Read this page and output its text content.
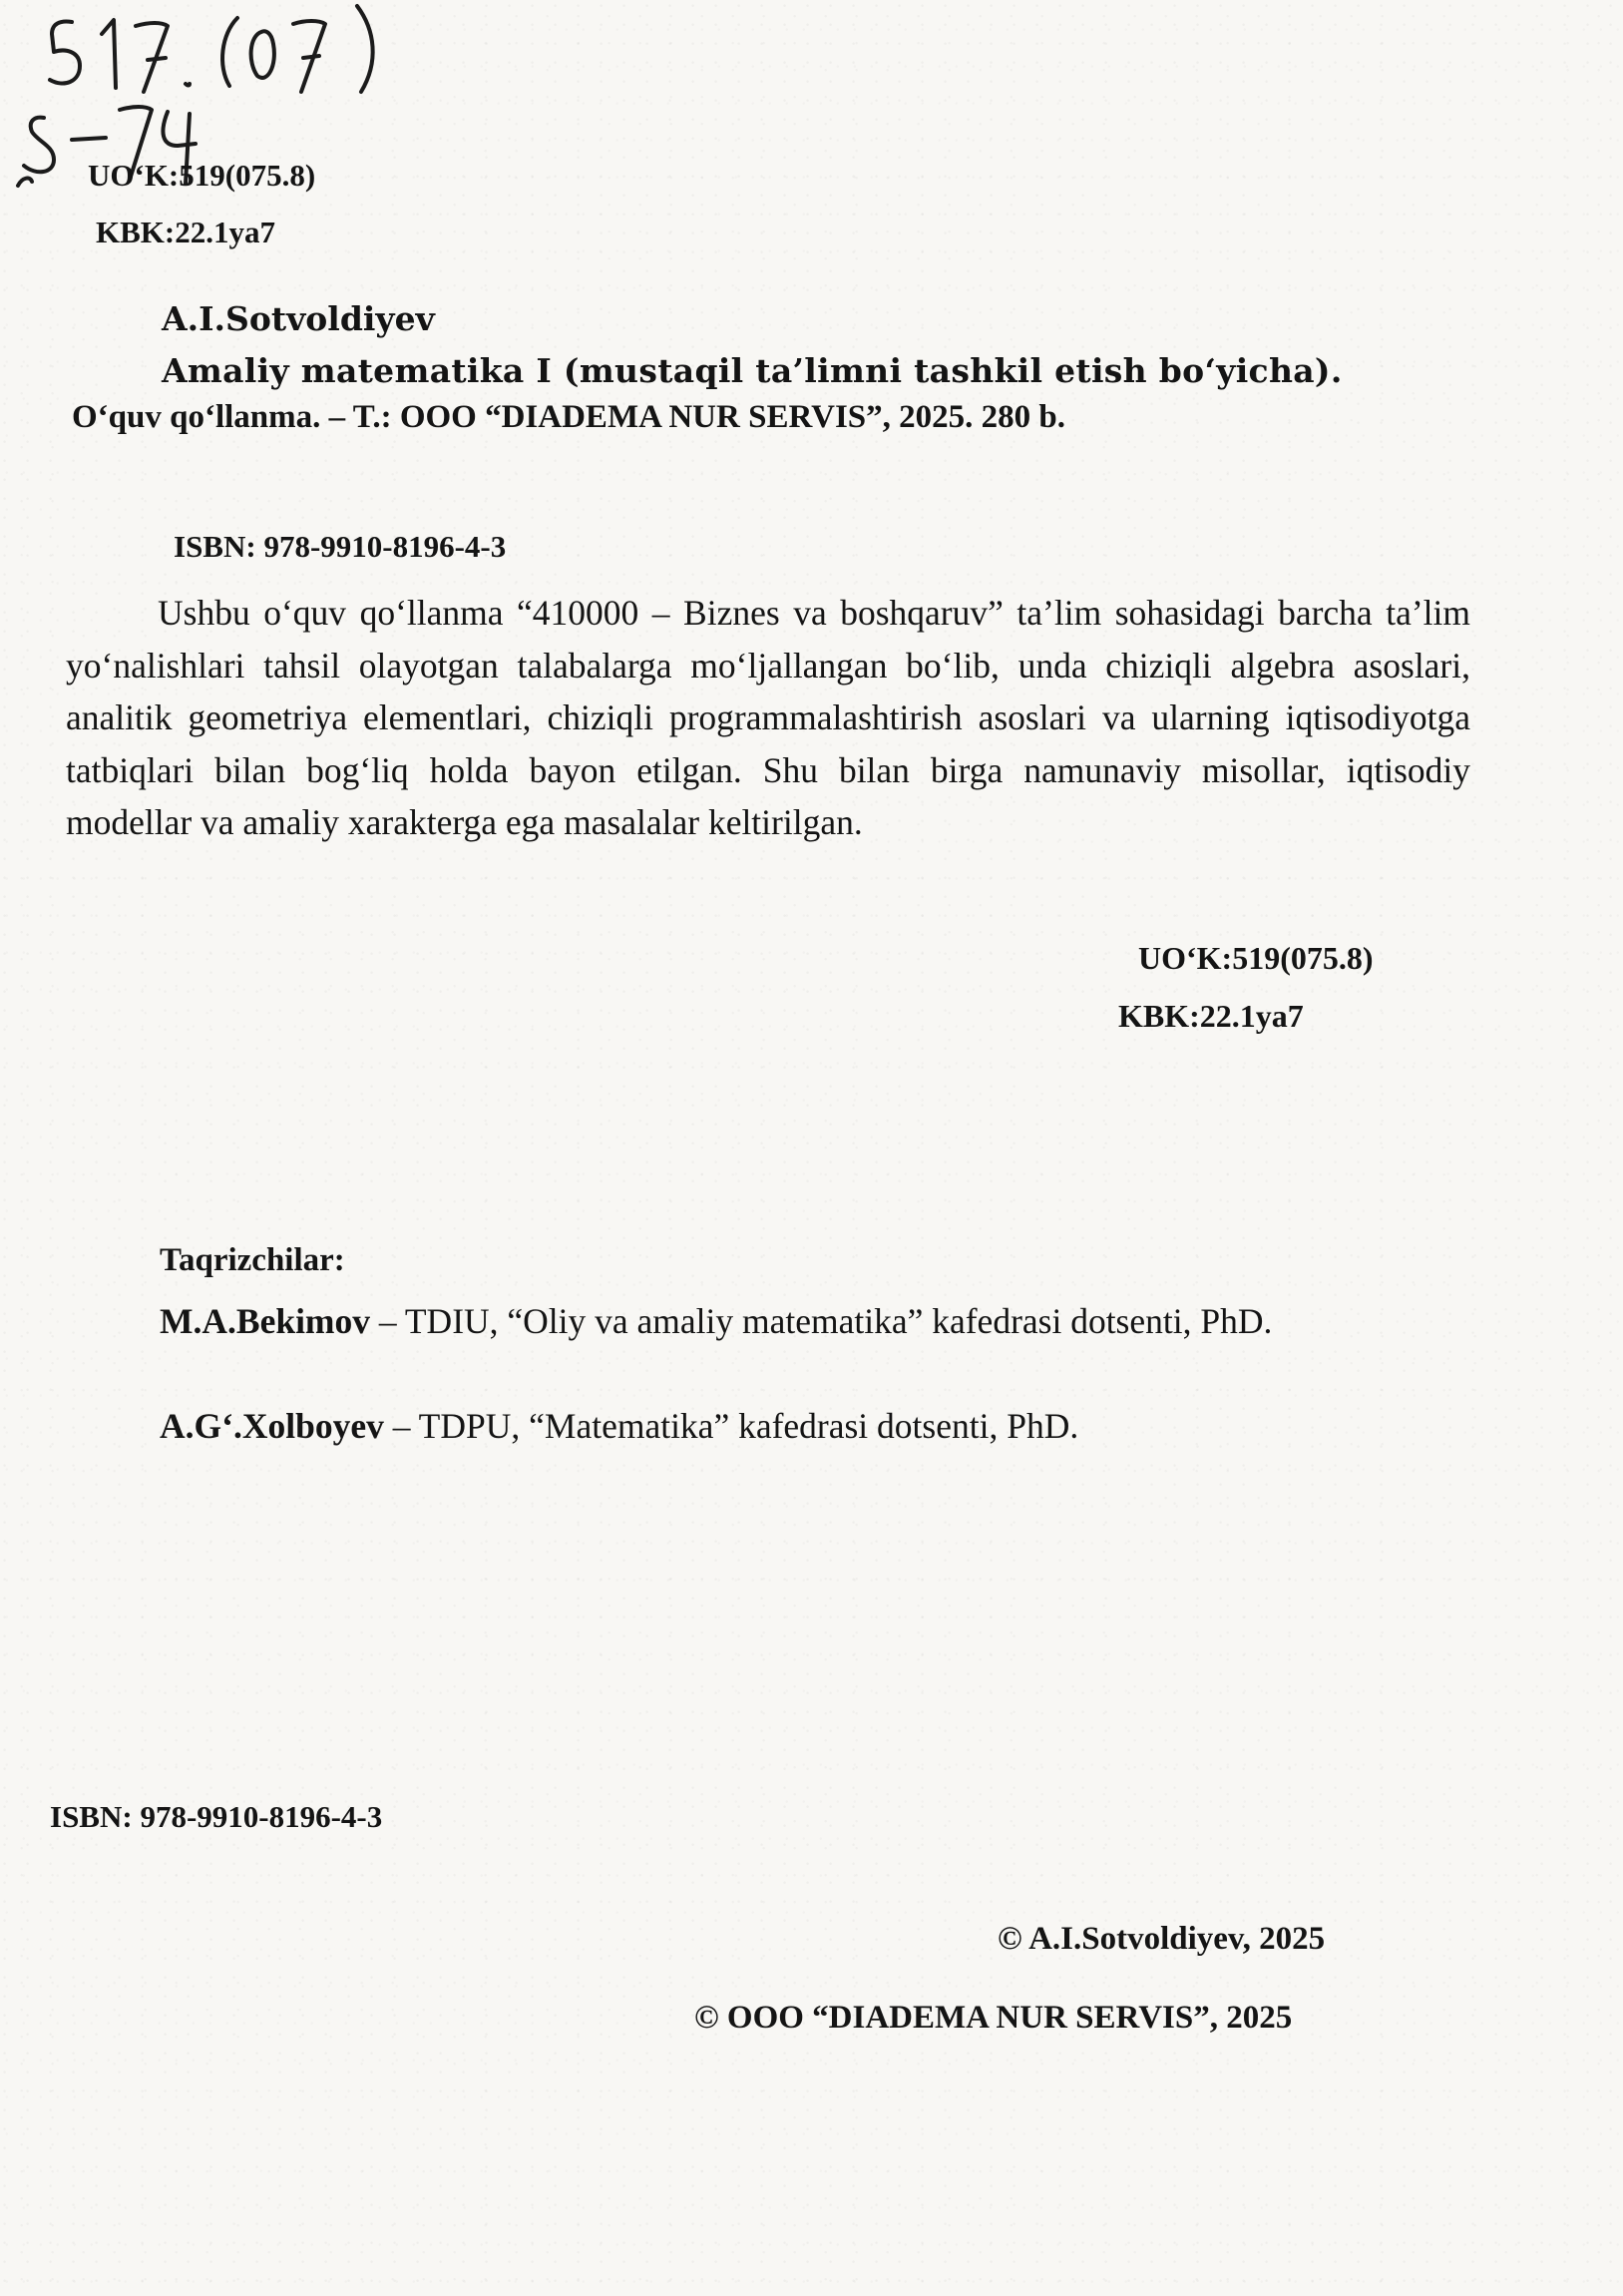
UO‘K:519(075.8)
KBK:22.1ya7
A.I.Sotvoldiyev
Amaliy matematika I (mustaqil ta’limni tashkil etish bo‘yicha).
O‘quv qo‘llanma. – T.: OOO “DIADEMA NUR SERVIS”, 2025. 280 b.
ISBN: 978-9910-8196-4-3
Ushbu o‘quv qo‘llanma “410000 – Biznes va boshqaruv” ta’lim sohasidagi barcha ta’lim yo‘nalishlari tahsil olayotgan talabalarga mo‘ljallangan bo‘lib, unda chiziqli algebra asoslari, analitik geometriya elementlari, chiziqli programmalashtirish asoslari va ularning iqtisodiyotga tatbiqlari bilan bog‘liq holda bayon etilgan. Shu bilan birga namunaviy misollar, iqtisodiy modellar va amaliy xarakterga ega masalalar keltirilgan.
UO‘K:519(075.8)
KBK:22.1ya7
Taqrizchilar:
M.A.Bekimov – TDIU, “Oliy va amaliy matematika” kafedrasi dotsenti, PhD.
A.G‘.Xolboyev – TDPU, “Matematika” kafedrasi dotsenti, PhD.
ISBN: 978-9910-8196-4-3
© A.I.Sotvoldiyev, 2025
© OOO “DIADEMA NUR SERVIS”, 2025
